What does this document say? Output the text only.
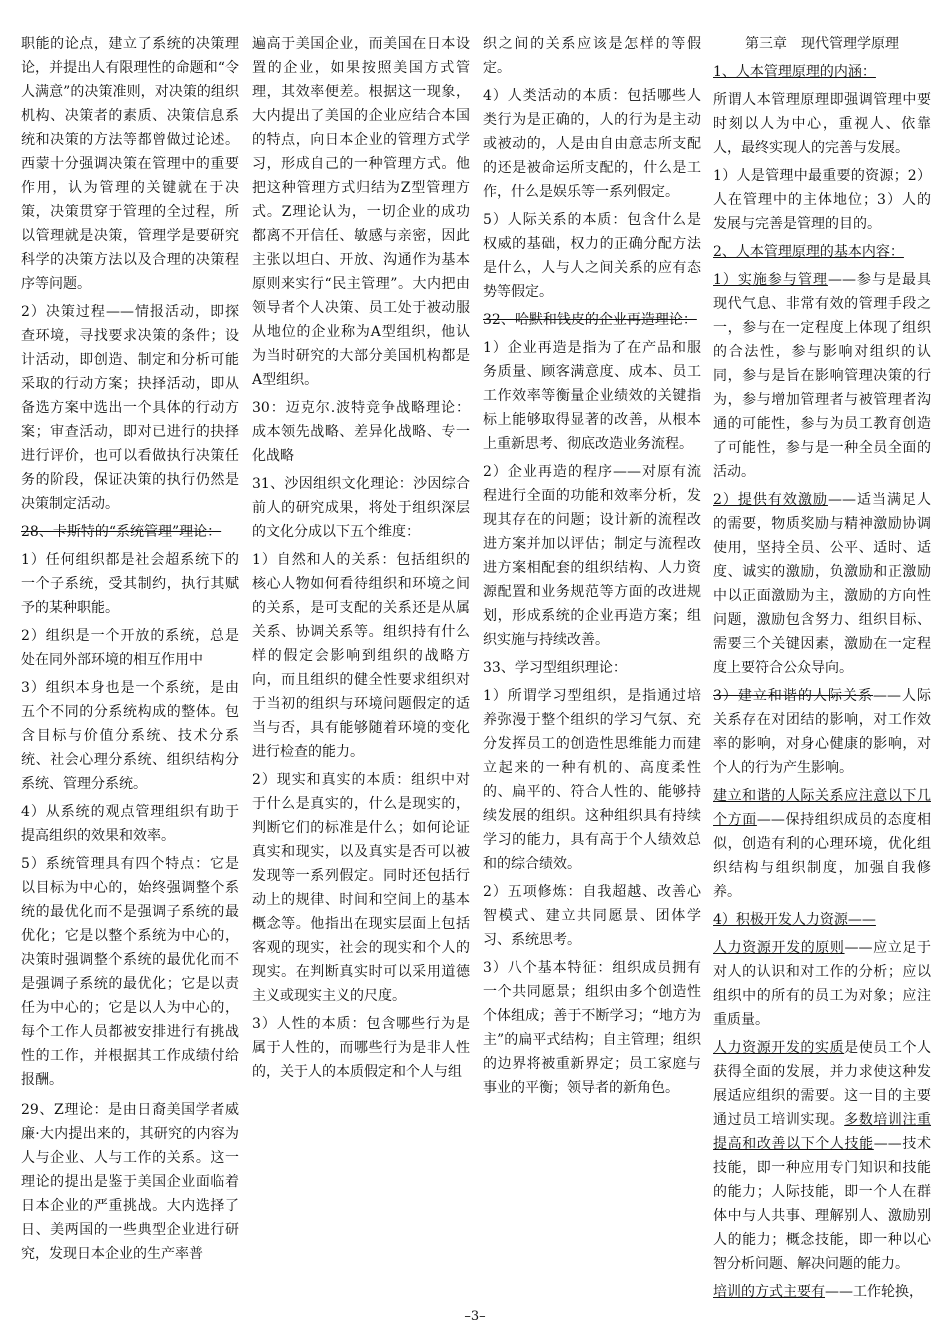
职能的论点，建立了系统的决策理论，并提出人有限理性的命题和“令人满意”的决策准则，对决策的组织机构、决策者的素质、决策信息系统和决策的方法等都曾做过论述。西蒙十分强调决策在管理中的重要作用，认为管理的关键就在于决策，决策贯穿于管理的全过程，所以管理就是决策，管理学是要研究科学的决策方法以及合理的决策程序等问题。

2）决策过程——情报活动，即探查环境，寻找要求决策的条件；设计活动，即创造、制定和分析可能采取的行动方案；抉择活动，即从备选方案中选出一个具体的行动方案；审查活动，即对已进行的抉择进行评价，也可以看做执行决策任务的阶段，保证决策的执行仍然是决策制定活动。

28、卡斯特的“系统管理”理论：

1）任何组织都是社会超系统下的一个子系统，受其制约，执行其赋予的某种职能。

2）组织是一个开放的系统，总是处在同外部环境的相互作用中

3）组织本身也是一个系统，是由五个不同的分系统构成的整体。包含目标与价值分系统、技术分系统、社会心理分系统、组织结构分系统、管理分系统。

4）从系统的观点管理组织有助于提高组织的效果和效率。

5）系统管理具有四个特点：它是以目标为中心的，始终强调整个系统的最优化而不是强调子系统的最优化；它是以整个系统为中心的，决策时强调整个系统的最优化而不是强调子系统的最优化；它是以责任为中心的；它是以人为中心的，每个工作人员都被安排进行有挑战性的工作，并根据其工作成绩付给报酬。

29、Z理论：是由日裔美国学者威廉·大内提出来的，其研究的内容为人与企业、人与工作的关系。这一理论的提出是鉴于美国企业面临着日本企业的严重挑战。大内选择了日、美两国的一些典型企业进行研究，发现日本企业的生产率普

遍高于美国企业，而美国在日本设置的企业，如果按照美国方式管理，其效率便差。根据这一现象，大内提出了美国的企业应结合本国的特点，向日本企业的管理方式学习，形成自己的一种管理方式。他把这种管理方式归结为Z型管理方式。Z理论认为，一切企业的成功都离不开信任、敏感与亲密，因此主张以坦白、开放、沟通作为基本原则来实行“民主管理”。大内把由领导者个人决策、员工处于被动服从地位的企业称为A型组织，他认为当时研究的大部分美国机构都是A型组织。

30：迈克尔.波特竞争战略理论：成本领先战略、差异化战略、专一化战略

31、沙因组织文化理论：沙因综合前人的研究成果，将处于组织深层的文化分成以下五个维度：

1）自然和人的关系：包括组织的核心人物如何看待组织和环境之间的关系，是可支配的关系还是从属关系、协调关系等。组织持有什么样的假定会影响到组织的战略方向，而且组织的健全性要求组织对于当初的组织与环境问题假定的适当与否，具有能够随着环境的变化进行检查的能力。

2）现实和真实的本质：组织中对于什么是真实的，什么是现实的，判断它们的标准是什么；如何论证真实和现实，以及真实是否可以被发现等一系列假定。同时还包括行动上的规律、时间和空间上的基本概念等。他指出在现实层面上包括客观的现实，社会的现实和个人的现实。在判断真实时可以采用道德主义或现实主义的尺度。

3）人性的本质：包含哪些行为是属于人性的，而哪些行为是非人性的，关于人的本质假定和个人与组

织之间的关系应该是怎样的等假定。

4）人类活动的本质：包括哪些人类行为是正确的，人的行为是主动或被动的，人是由自由意志所支配的还是被命运所支配的，什么是工作，什么是娱乐等一系列假定。

5）人际关系的本质：包含什么是权威的基础，权力的正确分配方法是什么，人与人之间关系的应有态势等假定。

32、哈默和钱皮的企业再造理论：

1）企业再造是指为了在产品和服务质量、顾客满意度、成本、员工工作效率等衡量企业绩效的关键指标上能够取得显著的改善，从根本上重新思考、彻底改造业务流程。

2）企业再造的程序——对原有流程进行全面的功能和效率分析，发现其存在的问题；设计新的流程改进方案并加以评估；制定与流程改进方案相配套的组织结构、人力资源配置和业务规范等方面的改进规划，形成系统的企业再造方案；组织实施与持续改善。

33、学习型组织理论：

1）所谓学习型组织，是指通过培养弥漫于整个组织的学习气氛、充分发挥员工的创造性思维能力而建立起来的一种有机的、高度柔性的、扁平的、符合人性的、能够持续发展的组织。这种组织具有持续学习的能力，具有高于个人绩效总和的综合绩效。

2）五项修炼：自我超越、改善心智模式、建立共同愿景、团体学习、系统思考。

3）八个基本特征：组织成员拥有一个共同愿景；组织由多个创造性个体组成；善于不断学习；“地方为主”的扁平式结构；自主管理；组织的边界将被重新界定；员工家庭与事业的平衡；领导者的新角色。

第三章　现代管理学原理

1、人本管理原理的内涵：

所谓人本管理原理即强调管理中要时刻以人为中心，重视人、依靠人，最终实现人的完善与发展。

1）人是管理中最重要的资源；2）人在管理中的主体地位；3）人的发展与完善是管理的目的。

2、人本管理原理的基本内容：

1）实施参与管理——参与是最具现代气息、非常有效的管理手段之一，参与在一定程度上体现了组织的合法性，参与影响对组织的认同，参与是旨在影响管理决策的行为，参与增加管理者与被管理者沟通的可能性，参与为员工教育创造了可能性，参与是一种全员全面的活动。

2）提供有效激励——适当满足人的需要，物质奖励与精神激励协调使用，坚持全员、公平、适时、适度、诚实的激励，负激励和正激励中以正面激励为主，激励的方向性问题，激励包含努力、组织目标、需要三个关键因素，激励在一定程度上要符合公众导向。

3）建立和谐的人际关系——人际关系存在对团结的影响，对工作效率的影响，对身心健康的影响，对个人的行为产生影响。

建立和谐的人际关系应注意以下几个方面——保持组织成员的态度相似，创造有利的心理环境，优化组织结构与组织制度，加强自我修养。

4）积极开发人力资源——

人力资源开发的原则——应立足于对人的认识和对工作的分析；应以组织中的所有的员工为对象；应注重质量。

人力资源开发的实质是使员工个人获得全面的发展，并力求使这种发展适应组织的需要。这一目的主要通过员工培训实现。多数培训注重提高和改善以下个人技能——技术技能，即一种应用专门知识和技能的能力；人际技能，即一个人在群体中与人共事、理解别人、激励别人的能力；概念技能，即一种以心智分析问题、解决问题的能力。

培训的方式主要有——工作轮换，

–3–
